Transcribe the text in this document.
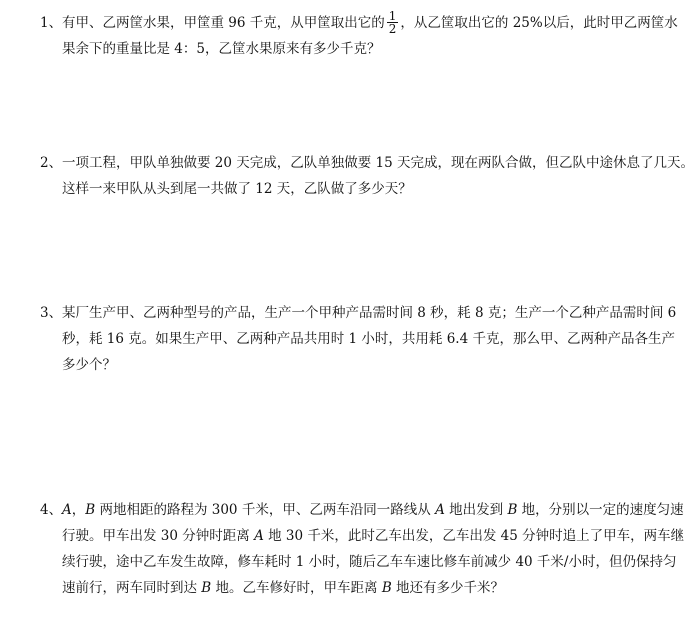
1、有甲、乙两筐水果，甲筐重 96 千克，从甲筐取出它的 $\frac{1}{2}$ ，从乙筐取出它的 25%以后，此时甲乙两筐水
果余下的重量比是 4：5，乙筐水果原来有多少千克？
2、一项工程，甲队单独做要 20 天完成，乙队单独做要 15 天完成，现在两队合做，但乙队中途休息了几天。
这样一来甲队从头到尾一共做了 12 天，乙队做了多少天？
3、某厂生产甲、乙两种型号的产品，生产一个甲种产品需时间 8 秒，耗 8 克；生产一个乙种产品需时间 6
秒，耗 16 克。如果生产甲、乙两种产品共用时 1 小时，共用耗 6.4 千克，那么甲、乙两种产品各生产
多少个？
4、A，B 两地相距的路程为 300 千米，甲、乙两车沿同一路线从 A 地出发到 B 地，分别以一定的速度匀速
行驶。甲车出发 30 分钟时距离 A 地 30 千米，此时乙车出发，乙车出发 45 分钟时追上了甲车，两车继
续行驶，途中乙车发生故障，修车耗时 1 小时，随后乙车车速比修车前减少 40 千米/小时，但仍保持匀
速前行，两车同时到达 B 地。乙车修好时，甲车距离 B 地还有多少千米？
